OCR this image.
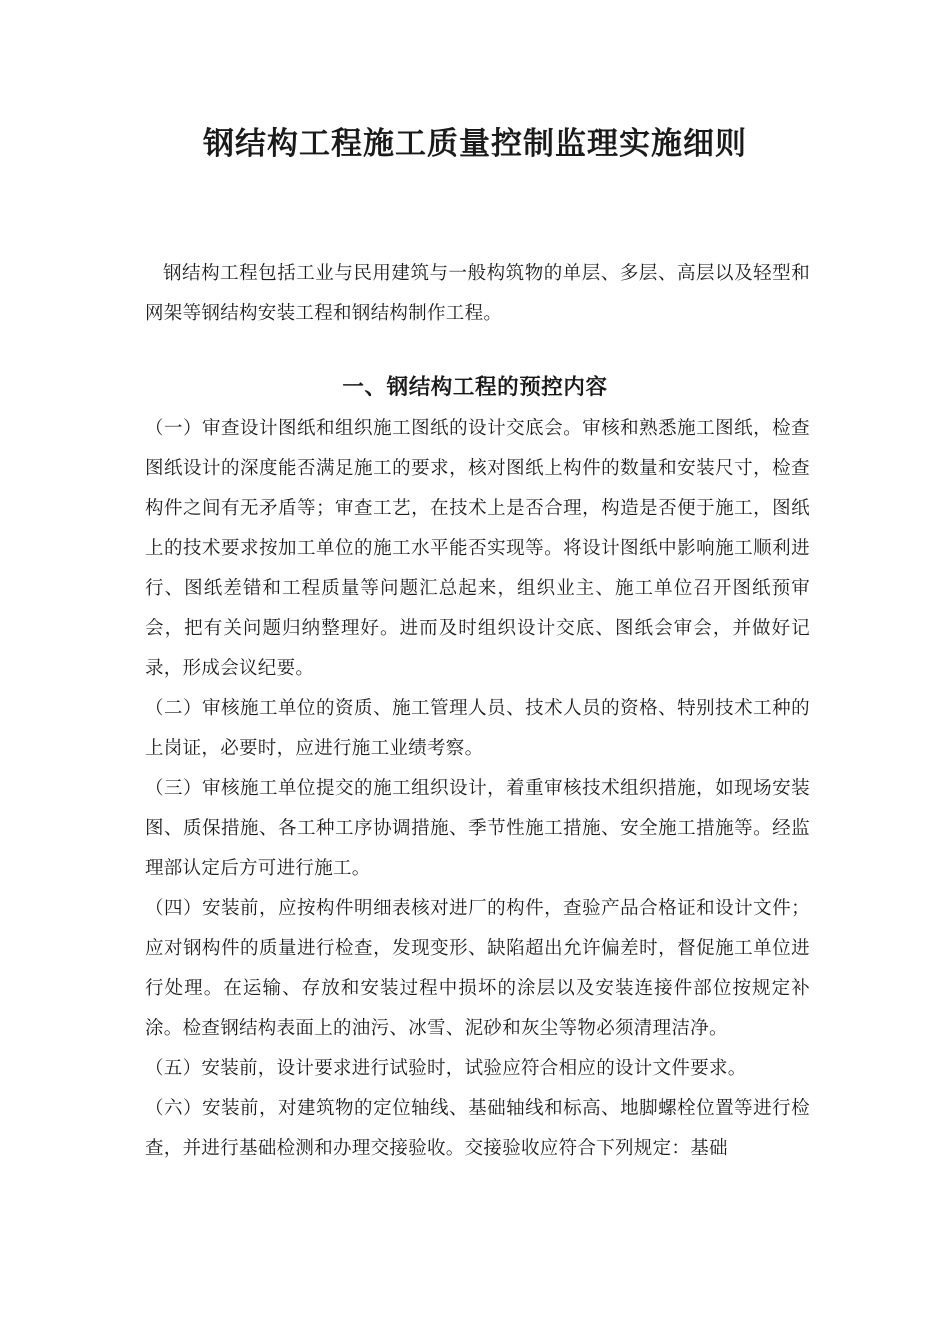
钢结构工程施工质量控制监理实施细则
钢结构工程包括工业与民用建筑与一般构筑物的单层、多层、高层以及轻型和网架等钢结构安装工程和钢结构制作工程。
一、钢结构工程的预控内容

（一）审查设计图纸和组织施工图纸的设计交底会。审核和熟悉施工图纸，检查图纸设计的深度能否满足施工的要求，核对图纸上构件的数量和安装尺寸，检查构件之间有无矛盾等；审查工艺，在技术上是否合理，构造是否便于施工，图纸上的技术要求按加工单位的施工水平能否实现等。将设计图纸中影响施工顺利进行、图纸差错和工程质量等问题汇总起来，组织业主、施工单位召开图纸预审会，把有关问题归纳整理好。进而及时组织设计交底、图纸会审会，并做好记录，形成会议纪要。

（二）审核施工单位的资质、施工管理人员、技术人员的资格、特别技术工种的上岗证，必要时，应进行施工业绩考察。

（三）审核施工单位提交的施工组织设计，着重审核技术组织措施，如现场安装图、质保措施、各工种工序协调措施、季节性施工措施、安全施工措施等。经监理部认定后方可进行施工。

（四）安装前，应按构件明细表核对进厂的构件，查验产品合格证和设计文件；应对钢构件的质量进行检查，发现变形、缺陷超出允许偏差时，督促施工单位进行处理。在运输、存放和安装过程中损坏的涂层以及安装连接件部位按规定补涂。检查钢结构表面上的油污、冰雪、泥砂和灰尘等物必须清理洁净。

（五）安装前，设计要求进行试验时，试验应符合相应的设计文件要求。

（六）安装前，对建筑物的定位轴线、基础轴线和标高、地脚螺栓位置等进行检查，并进行基础检测和办理交接验收。交接验收应符合下列规定：基础
